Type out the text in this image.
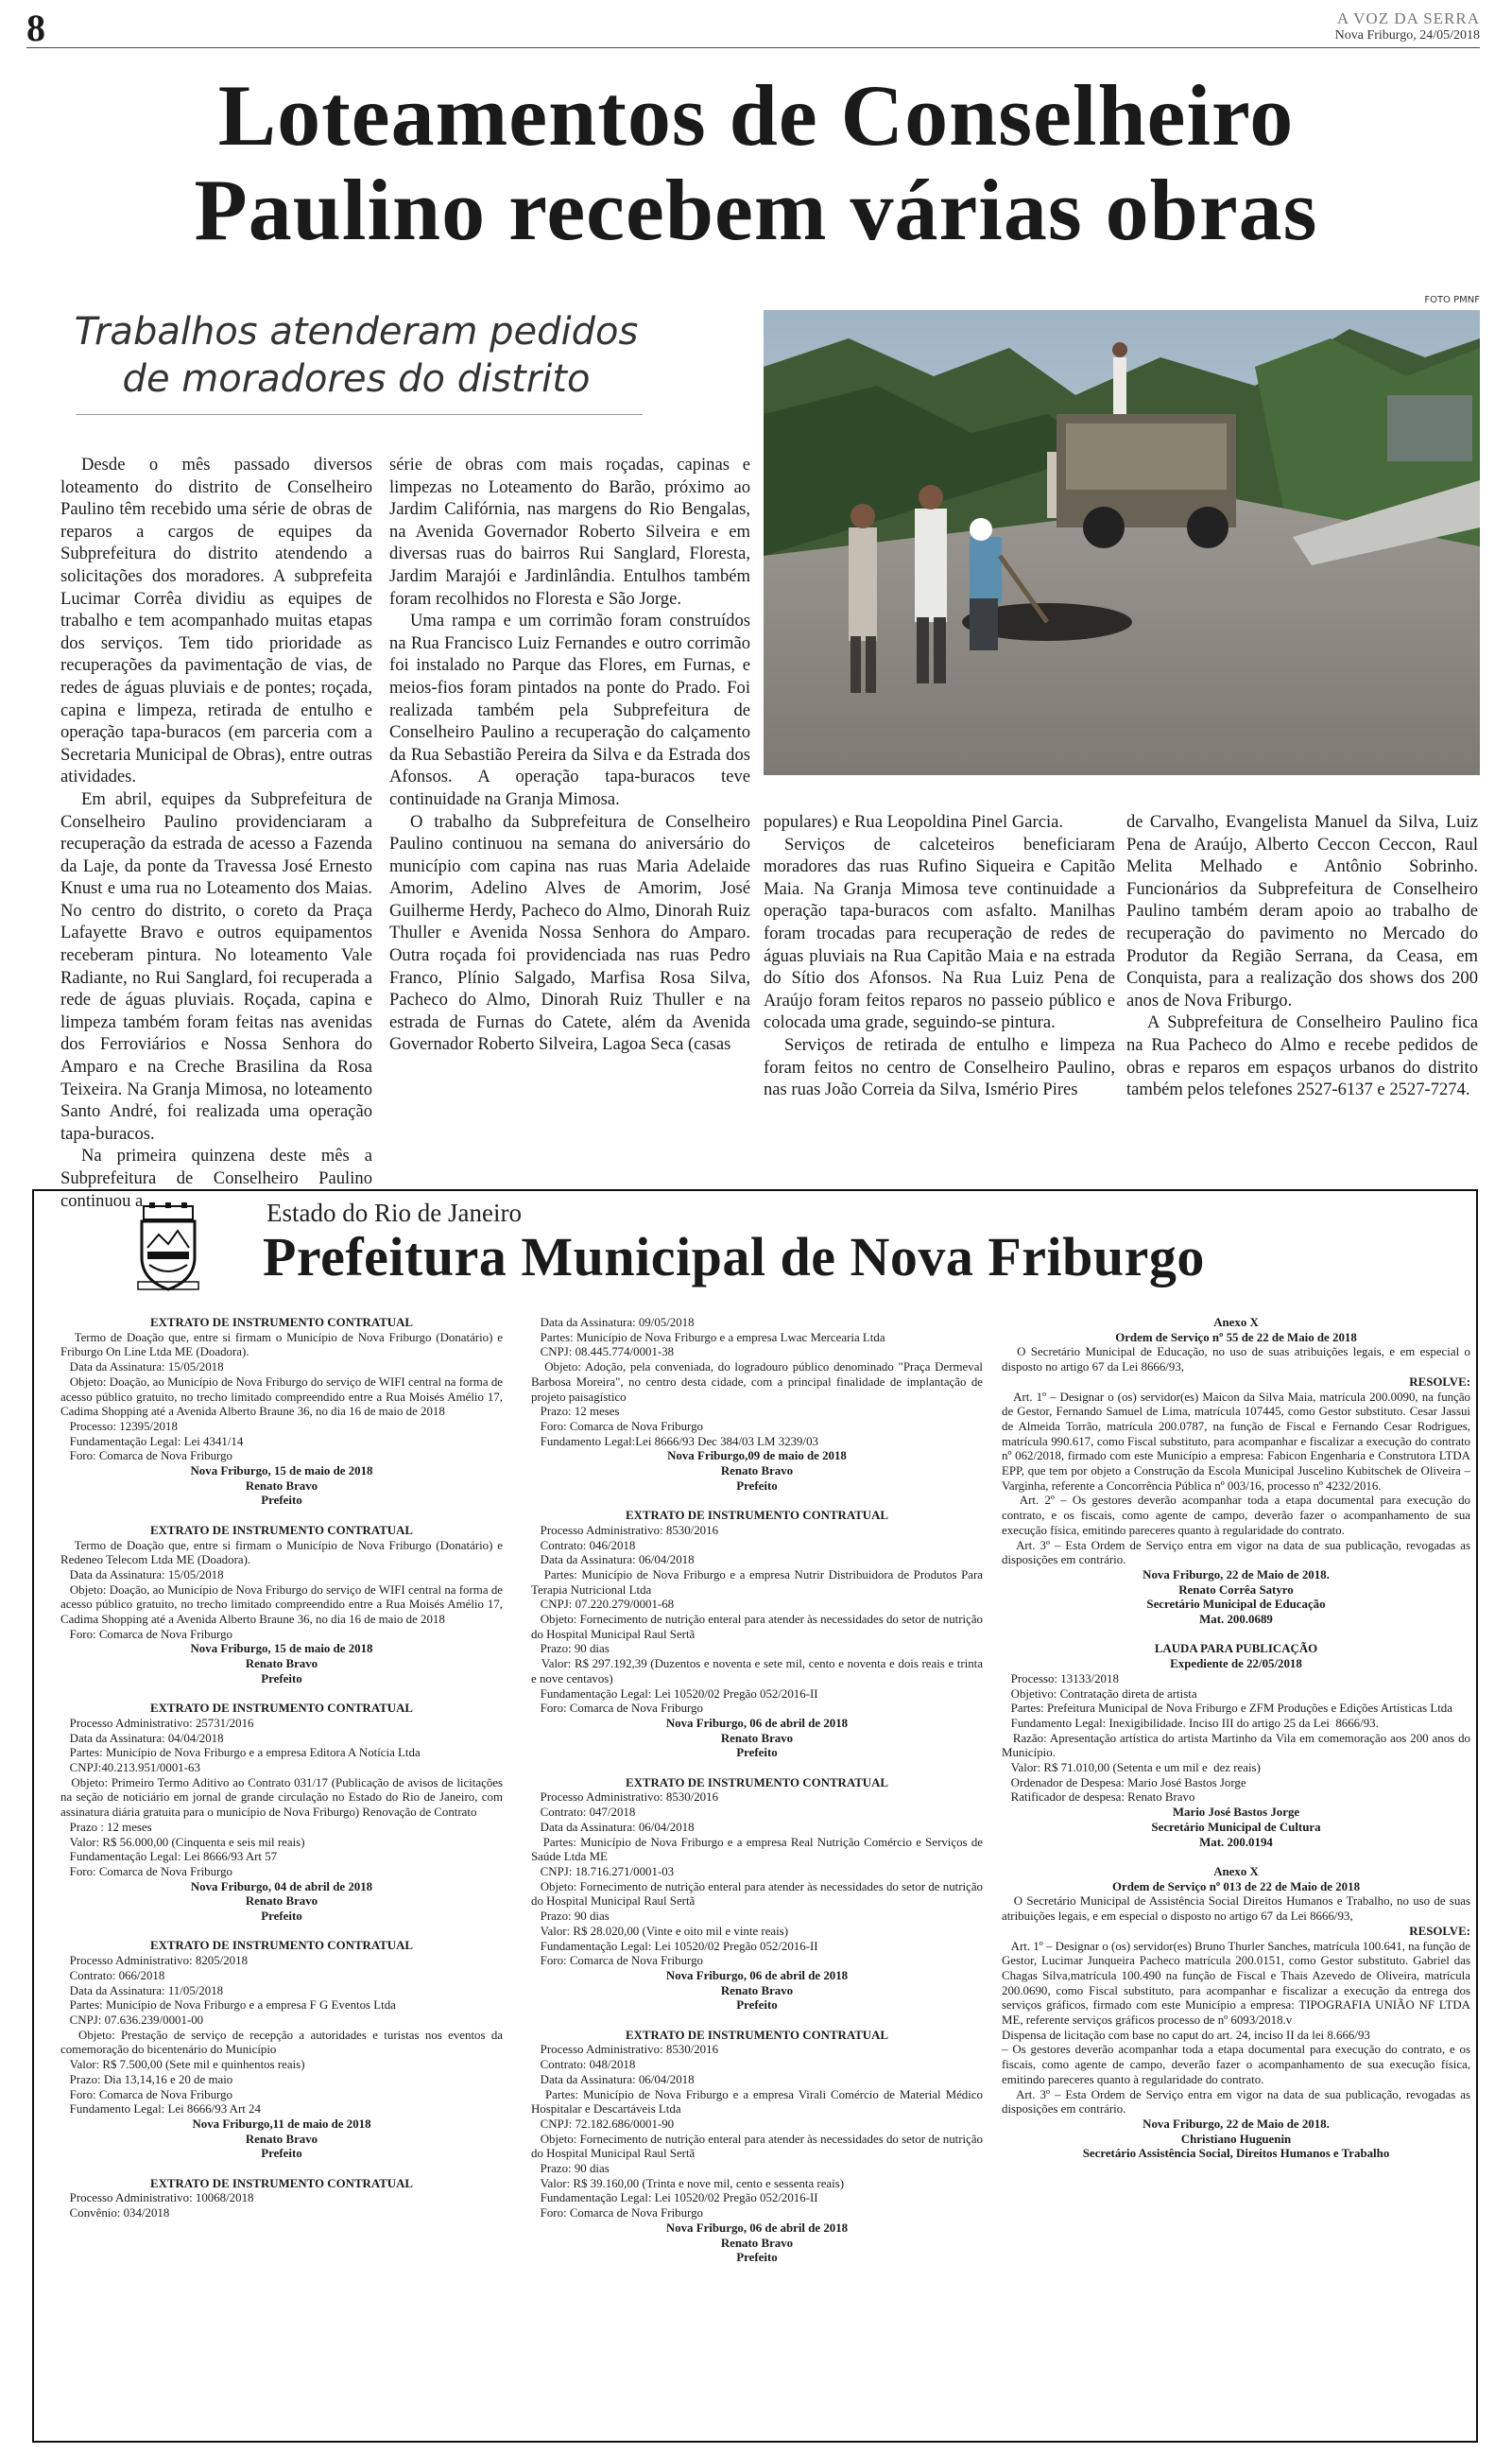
8	A VOZ DA SERRA
Nova Friburgo, 24/05/2018
Loteamentos de Conselheiro
Paulino recebem várias obras
Trabalhos atenderam pedidos
de moradores do distrito
FOTO PMNF

Desde o mês passado diversos loteamento do distrito de Conselheiro Paulino têm recebido uma série de obras de reparos a cargos de equipes da Subprefeitura do distrito atendendo a solicitações dos moradores. A subprefeita Lucimar Corrêa dividiu as equipes de trabalho e tem acompanhado muitas etapas dos serviços. Tem tido prioridade as recuperações da pavimentação de vias, de redes de águas pluviais e de pontes; roçada, capina e limpeza, retirada de entulho e operação tapa-buracos (em parceria com a Secretaria Municipal de Obras), entre outras atividades.

Em abril, equipes da Subprefeitura de Conselheiro Paulino providenciaram a recuperação da estrada de acesso a Fazenda da Laje, da ponte da Travessa José Ernesto Knust e uma rua no Loteamento dos Maias. No centro do distrito, o coreto da Praça Lafayette Bravo e outros equipamentos receberam pintura. No loteamento Vale Radiante, no Rui Sanglard, foi recuperada a rede de águas pluviais. Roçada, capina e limpeza também foram feitas nas avenidas dos Ferroviários e Nossa Senhora do Amparo e na Creche Brasilina da Rosa Teixeira. Na Granja Mimosa, no loteamento Santo André, foi realizada uma operação tapa-buracos.

Na primeira quinzena deste mês a Subprefeitura de Conselheiro Paulino continuou a

série de obras com mais roçadas, capinas e limpezas no Loteamento do Barão, próximo ao Jardim Califórnia, nas margens do Rio Bengalas, na Avenida Governador Roberto Silveira e em diversas ruas do bairros Rui Sanglard, Floresta, Jardim Marajói e Jardinlândia. Entulhos também foram recolhidos no Floresta e São Jorge.

Uma rampa e um corrimão foram construídos na Rua Francisco Luiz Fernandes e outro corrimão foi instalado no Parque das Flores, em Furnas, e meios-fios foram pintados na ponte do Prado. Foi realizada também pela Subprefeitura de Conselheiro Paulino a recuperação do calçamento da Rua Sebastião Pereira da Silva e da Estrada dos Afonsos. A operação tapa-buracos teve continuidade na Granja Mimosa.

O trabalho da Subprefeitura de Conselheiro Paulino continuou na semana do aniversário do município com capina nas ruas Maria Adelaide Amorim, Adelino Alves de Amorim, José Guilherme Herdy, Pacheco do Almo, Dinorah Ruiz Thuller e Avenida Nossa Senhora do Amparo. Outra roçada foi providenciada nas ruas Pedro Franco, Plínio Salgado, Marfisa Rosa Silva, Pacheco do Almo, Dinorah Ruiz Thuller e na estrada de Furnas do Catete, além da Avenida Governador Roberto Silveira, Lagoa Seca (casas

populares) e Rua Leopoldina Pinel Garcia.

Serviços de calceteiros beneficiaram moradores das ruas Rufino Siqueira e Capitão Maia. Na Granja Mimosa teve continuidade a operação tapa-buracos com asfalto. Manilhas foram trocadas para recuperação de redes de águas pluviais na Rua Capitão Maia e na estrada do Sítio dos Afonsos. Na Rua Luiz Pena de Araújo foram feitos reparos no passeio público e colocada uma grade, seguindo-se pintura.

Serviços de retirada de entulho e limpeza foram feitos no centro de Conselheiro Paulino, nas ruas João Correia da Silva, Ismério Pires

de Carvalho, Evangelista Manuel da Silva, Luiz Pena de Araújo, Alberto Ceccon Ceccon, Raul Melita Melhado e Antônio Sobrinho. Funcionários da Subprefeitura de Conselheiro Paulino também deram apoio ao trabalho de recuperação do pavimento no Mercado do Produtor da Região Serrana, da Ceasa, em Conquista, para a realização dos shows dos 200 anos de Nova Friburgo.

A Subprefeitura de Conselheiro Paulino fica na Rua Pacheco do Almo e recebe pedidos de obras e reparos em espaços urbanos do distrito também pelos telefones 2527-6137 e 2527-7274.

Estado do Rio de Janeiro
Prefeitura Municipal de Nova Friburgo
EXTRATO DE INSTRUMENTO CONTRATUAL
Termo de Doação que, entre si firmam o Município de Nova Friburgo (Donatário) e Friburgo On Line Ltda ME (Doadora).
Data da Assinatura: 15/05/2018
Objeto: Doação, ao Município de Nova Friburgo do serviço de WIFI central na forma de acesso público gratuito, no trecho limitado compreendido entre a Rua Moisés Amélio 17, Cadima Shopping até a Avenida Alberto Braune 36, no dia 16 de maio de 2018
Processo: 12395/2018
Fundamentação Legal: Lei 4341/14
Foro: Comarca de Nova Friburgo
Nova Friburgo, 15 de maio de 2018
Renato Bravo
Prefeito
EXTRATO DE INSTRUMENTO CONTRATUAL
Termo de Doação que, entre si firmam o Município de Nova Friburgo (Donatário) e Redeneo Telecom Ltda ME (Doadora).
Data da Assinatura: 15/05/2018
Objeto: Doação, ao Município de Nova Friburgo do serviço de WIFI central na forma de acesso público gratuito, no trecho limitado compreendido entre a Rua Moisés Amélio 17, Cadima Shopping até a Avenida Alberto Braune 36, no dia 16 de maio de 2018
Foro: Comarca de Nova Friburgo
Nova Friburgo, 15 de maio de 2018
Renato Bravo
Prefeito
EXTRATO DE INSTRUMENTO CONTRATUAL
Processo Administrativo: 25731/2016
Data da Assinatura: 04/04/2018
Partes: Município de Nova Friburgo e a empresa Editora A Notícia Ltda
CNPJ:40.213.951/0001-63
Objeto: Primeiro Termo Aditivo ao Contrato 031/17 (Publicação de avisos de licitações na seção de noticiário em jornal de grande circulação no Estado do Rio de Janeiro, com assinatura diária gratuita para o município de Nova Friburgo) Renovação de Contrato
Prazo : 12 meses
Valor: R$ 56.000,00 (Cinquenta e seis mil reais)
Fundamentação Legal: Lei 8666/93 Art 57
Foro: Comarca de Nova Friburgo
Nova Friburgo, 04 de abril de 2018
Renato Bravo
Prefeito
EXTRATO DE INSTRUMENTO CONTRATUAL
Processo Administrativo: 8205/2018
Contrato: 066/2018
Data da Assinatura: 11/05/2018
Partes: Município de Nova Friburgo e a empresa F G Eventos Ltda
CNPJ: 07.636.239/0001-00
Objeto: Prestação de serviço de recepção a autoridades e turistas nos eventos da comemoração do bicentenário do Município
Valor: R$ 7.500,00 (Sete mil e quinhentos reais)
Prazo: Dia 13,14,16 e 20 de maio
Foro: Comarca de Nova Friburgo
Fundamento Legal: Lei 8666/93 Art 24
Nova Friburgo,11 de maio de 2018
Renato Bravo
Prefeito
EXTRATO DE INSTRUMENTO CONTRATUAL
Processo Administrativo: 10068/2018
Convênio: 034/2018
Data da Assinatura: 09/05/2018
Partes: Município de Nova Friburgo e a empresa Lwac Mercearia Ltda
CNPJ: 08.445.774/0001-38
Objeto: Adoção, pela conveniada, do logradouro público denominado "Praça Dermeval Barbosa Moreira", no centro desta cidade, com a principal finalidade de implantação de projeto paisagístico
Prazo: 12 meses
Foro: Comarca de Nova Friburgo
Fundamento Legal:Lei 8666/93 Dec 384/03 LM 3239/03
Nova Friburgo,09 de maio de 2018
Renato Bravo
Prefeito
EXTRATO DE INSTRUMENTO CONTRATUAL
Processo Administrativo: 8530/2016
Contrato: 046/2018
Data da Assinatura: 06/04/2018
Partes: Município de Nova Friburgo e a empresa Nutrir Distribuidora de Produtos Para Terapia Nutricional Ltda
CNPJ: 07.220.279/0001-68
Objeto: Fornecimento de nutrição enteral para atender às necessidades do setor de nutrição do Hospital Municipal Raul Sertã
Prazo: 90 dias
Valor: R$ 297.192,39 (Duzentos e noventa e sete mil, cento e noventa e dois reais e trinta e nove centavos)
Fundamentação Legal: Lei 10520/02 Pregão 052/2016-II
Foro: Comarca de Nova Friburgo
Nova Friburgo, 06 de abril de 2018
Renato Bravo
Prefeito
EXTRATO DE INSTRUMENTO CONTRATUAL
Processo Administrativo: 8530/2016
Contrato: 047/2018
Data da Assinatura: 06/04/2018
Partes: Município de Nova Friburgo e a empresa Real Nutrição Comércio e Serviços de Saúde Ltda ME
CNPJ: 18.716.271/0001-03
Objeto: Fornecimento de nutrição enteral para atender às necessidades do setor de nutrição do Hospital Municipal Raul Sertã
Prazo: 90 dias
Valor: R$ 28.020,00 (Vinte e oito mil e vinte reais)
Fundamentação Legal: Lei 10520/02 Pregão 052/2016-II
Foro: Comarca de Nova Friburgo
Nova Friburgo, 06 de abril de 2018
Renato Bravo
Prefeito
EXTRATO DE INSTRUMENTO CONTRATUAL
Processo Administrativo: 8530/2016
Contrato: 048/2018
Data da Assinatura: 06/04/2018
Partes: Município de Nova Friburgo e a empresa Virali Comércio de Material Médico Hospitalar e Descartáveis Ltda
CNPJ: 72.182.686/0001-90
Objeto: Fornecimento de nutrição enteral para atender às necessidades do setor de nutrição do Hospital Municipal Raul Sertã
Prazo: 90 dias
Valor: R$ 39.160,00 (Trinta e nove mil, cento e sessenta reais)
Fundamentação Legal: Lei 10520/02 Pregão 052/2016-II
Foro: Comarca de Nova Friburgo
Nova Friburgo, 06 de abril de 2018
Renato Bravo
Prefeito
Anexo X
Ordem de Serviço nº 55 de 22 de Maio de 2018
O Secretário Municipal de Educação, no uso de suas atribuições legais, e em especial o disposto no artigo 67 da Lei 8666/93,
RESOLVE:
Art. 1º – Designar o (os) servidor(es) Maicon da Silva Maia, matrícula 200.0090, na função de Gestor, Fernando Samuel de Lima, matrícula 107445, como Gestor substituto. Cesar Jassui de Almeida Torrão, matrícula 200.0787, na função de Fiscal e Fernando Cesar Rodrigues, matrícula 990.617, como Fiscal substituto, para acompanhar e fiscalizar a execução do contrato nº 062/2018, firmado com este Município a empresa: Fabicon Engenharia e Construtora LTDA EPP, que tem por objeto a Construção da Escola Municipal Juscelino Kubitschek de Oliveira – Varginha, referente a Concorrência Pública nº 003/16, processo nº 4232/2016.
Art. 2º – Os gestores deverão acompanhar toda a etapa documental para execução do contrato, e os fiscais, como agente de campo, deverão fazer o acompanhamento de sua execução física, emitindo pareceres quanto à regularidade do contrato.
Art. 3º – Esta Ordem de Serviço entra em vigor na data de sua publicação, revogadas as disposições em contrário.
Nova Friburgo, 22 de Maio de 2018.
Renato Corrêa Satyro
Secretário Municipal de Educação
Mat. 200.0689
LAUDA PARA PUBLICAÇÃO
Expediente de 22/05/2018
Processo: 13133/2018
Objetivo: Contratação direta de artista
Partes: Prefeitura Municipal de Nova Friburgo e ZFM Produções e Edições Artísticas Ltda
Fundamento Legal: Inexigibilidade. Inciso III do artigo 25 da Lei  8666/93.
Razão: Apresentação artística do artista Martinho da Vila em comemoração aos 200 anos do Município.
Valor: R$ 71.010,00 (Setenta e um mil e  dez reais)
Ordenador de Despesa: Mario José Bastos Jorge
Ratificador de despesa: Renato Bravo
Mario José Bastos Jorge
Secretário Municipal de Cultura
Mat. 200.0194
Anexo X
Ordem de Serviço nº 013 de 22 de Maio de 2018
O Secretário Municipal de Assistência Social Direitos Humanos e Trabalho, no uso de suas atribuições legais, e em especial o disposto no artigo 67 da Lei 8666/93,
RESOLVE:
Art. 1º – Designar o (os) servidor(es) Bruno Thurler Sanches, matrícula 100.641, na função de Gestor, Lucimar Junqueira Pacheco matrícula 200.0151, como Gestor substituto. Gabriel das Chagas Silva,matrícula 100.490 na função de Fiscal e Thais Azevedo de Oliveira, matrícula 200.0690, como Fiscal substituto, para acompanhar e fiscalizar a execução da entrega dos serviços gráficos, firmado com este Município a empresa: TIPOGRAFIA UNIÃO NF LTDA ME, referente serviços gráficos processo de nº 6093/2018.v
Dispensa de licitação com base no caput do art. 24, inciso II da lei 8.666/93
– Os gestores deverão acompanhar toda a etapa documental para execução do contrato, e os fiscais, como agente de campo, deverão fazer o acompanhamento de sua execução física, emitindo pareceres quanto à regularidade do contrato.
Art. 3º – Esta Ordem de Serviço entra em vigor na data de sua publicação, revogadas as disposições em contrário.
Nova Friburgo, 22 de Maio de 2018.
Christiano Huguenin
Secretário Assistência Social, Direitos Humanos e Trabalho
